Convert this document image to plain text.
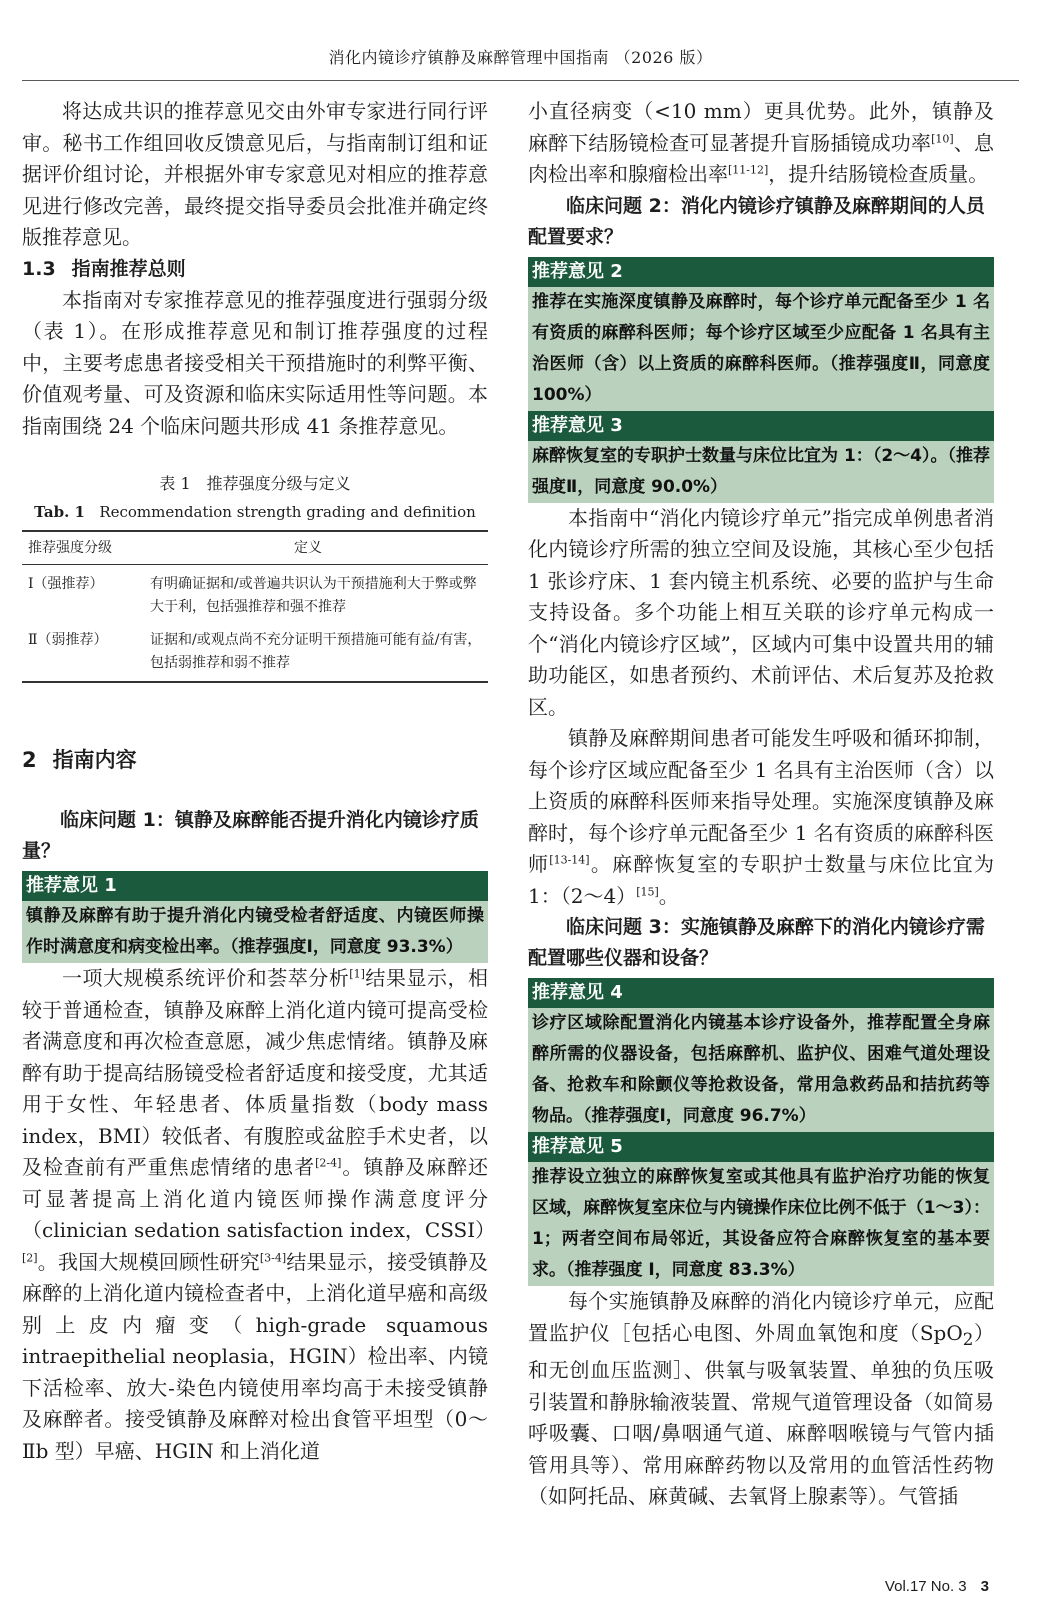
消化内镜诊疗镇静及麻醉管理中国指南 （2026 版）

将达成共识的推荐意见交由外审专家进行同行评审。秘书工作组回收反馈意见后，与指南制订组和证据评价组讨论，并根据外审专家意见对相应的推荐意见进行修改完善，最终提交指导委员会批准并确定终版推荐意见。

1.3 指南推荐总则

本指南对专家推荐意见的推荐强度进行强弱分级（表 1）。在形成推荐意见和制订推荐强度的过程中，主要考虑患者接受相关干预措施时的利弊平衡、价值观考量、可及资源和临床实际适用性等问题。本指南围绕 24 个临床问题共形成 41 条推荐意见。

表 1　推荐强度分级与定义
Tab. 1 Recommendation strength grading and definition
推荐强度分级	定义
Ⅰ（强推荐）	有明确证据和/或普遍共识认为干预措施利大于弊或弊大于利，包括强推荐和强不推荐
Ⅱ（弱推荐）	证据和/或观点尚不充分证明干预措施可能有益/有害，包括弱推荐和弱不推荐
2 指南内容

临床问题 1：镇静及麻醉能否提升消化内镜诊疗质量？

推荐意见 1
镇静及麻醉有助于提升消化内镜受检者舒适度、内镜医师操作时满意度和病变检出率。（推荐强度Ⅰ，同意度 93.3%）

一项大规模系统评价和荟萃分析[1]结果显示，相较于普通检查，镇静及麻醉上消化道内镜可提高受检者满意度和再次检查意愿，减少焦虑情绪。镇静及麻醉有助于提高结肠镜受检者舒适度和接受度，尤其适用于女性、年轻患者、体质量指数（body mass index，BMI）较低者、有腹腔或盆腔手术史者，以及检查前有严重焦虑情绪的患者[2-4]。镇静及麻醉还可显著提高上消化道内镜医师操作满意度评分（clinician sedation satisfaction index，CSSI）[2]。我国大规模回顾性研究[3-4]结果显示，接受镇静及麻醉的上消化道内镜检查者中，上消化道早癌和高级别上皮内瘤变（high-grade squamous intraepithelial neoplasia，HGIN）检出率、内镜下活检率、放大-染色内镜使用率均高于未接受镇静及麻醉者。接受镇静及麻醉对检出食管平坦型（0～Ⅱb 型）早癌、HGIN 和上消化道

小直径病变（<10 mm）更具优势。此外，镇静及麻醉下结肠镜检查可显著提升盲肠插镜成功率[10]、息肉检出率和腺瘤检出率[11-12]，提升结肠镜检查质量。

临床问题 2：消化内镜诊疗镇静及麻醉期间的人员配置要求？

推荐意见 2
推荐在实施深度镇静及麻醉时，每个诊疗单元配备至少 1 名有资质的麻醉科医师；每个诊疗区域至少应配备 1 名具有主治医师（含）以上资质的麻醉科医师。（推荐强度Ⅱ，同意度 100%）
推荐意见 3
麻醉恢复室的专职护士数量与床位比宜为 1：（2～4）。（推荐强度Ⅱ，同意度 90.0%）

本指南中“消化内镜诊疗单元”指完成单例患者消化内镜诊疗所需的独立空间及设施，其核心至少包括 1 张诊疗床、1 套内镜主机系统、必要的监护与生命支持设备。多个功能上相互关联的诊疗单元构成一个“消化内镜诊疗区域”，区域内可集中设置共用的辅助功能区，如患者预约、术前评估、术后复苏及抢救区。

镇静及麻醉期间患者可能发生呼吸和循环抑制，每个诊疗区域应配备至少 1 名具有主治医师（含）以上资质的麻醉科医师来指导处理。实施深度镇静及麻醉时，每个诊疗单元配备至少 1 名有资质的麻醉科医师[13-14]。麻醉恢复室的专职护士数量与床位比宜为 1：（2～4）[15]。

临床问题 3：实施镇静及麻醉下的消化内镜诊疗需配置哪些仪器和设备？

推荐意见 4
诊疗区域除配置消化内镜基本诊疗设备外，推荐配置全身麻醉所需的仪器设备，包括麻醉机、监护仪、困难气道处理设备、抢救车和除颤仪等抢救设备，常用急救药品和拮抗药等物品。（推荐强度Ⅰ，同意度 96.7%）
推荐意见 5
推荐设立独立的麻醉恢复室或其他具有监护治疗功能的恢复区域，麻醉恢复室床位与内镜操作床位比例不低于（1～3）：1；两者空间布局邻近，其设备应符合麻醉恢复室的基本要求。（推荐强度 Ⅰ，同意度 83.3%）

每个实施镇静及麻醉的消化内镜诊疗单元，应配置监护仪［包括心电图、外周血氧饱和度（SpO$_2$）和无创血压监测］、供氧与吸氧装置、单独的负压吸引装置和静脉输液装置、常规气道管理设备（如简易呼吸囊、口咽/鼻咽通气道、麻醉咽喉镜与气管内插管用具等）、常用麻醉药物以及常用的血管活性药物（如阿托品、麻黄碱、去氧肾上腺素等）。气管插

Vol.17 No. 3 3
